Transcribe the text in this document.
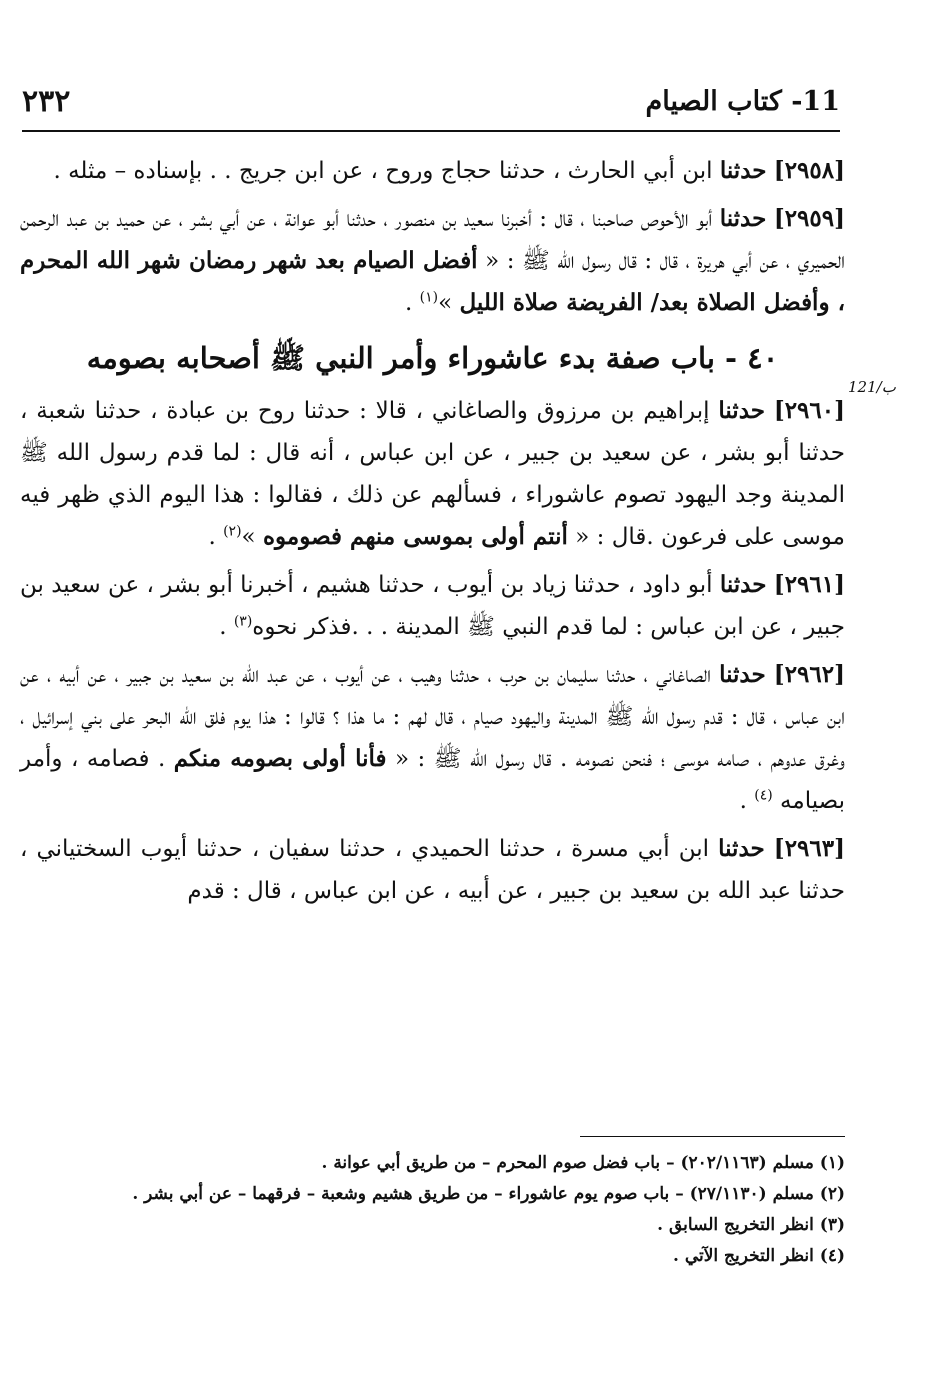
٢٣٢	11- كتاب الصيام
121/ب

[٢٩٥٨] حدثنا ابن أبي الحارث ، حدثنا حجاج وروح ، عن ابن جريج . . بإسناده – مثله .

[٢٩٥٩] حدثنا أبو الأحوص صاحبنا ، قال : أخبرنا سعيد بن منصور ، حدثنا أبو عوانة ، عن أبي بشر ، عن حميد بن عبد الرحمن الحميري ، عن أبي هريرة ، قال : قال رسول الله ﷺ : « أفضل الصيام بعد شهر رمضان شهر الله المحرم ، وأفضل الصلاة بعد/ الفريضة صلاة الليل »$^{(١)}$ .

٤٠ - باب صفة بدء عاشوراء وأمر النبي ﷺ أصحابه بصومه

[٢٩٦٠] حدثنا إبراهيم بن مرزوق والصاغاني ، قالا : حدثنا روح بن عبادة ، حدثنا شعبة ، حدثنا أبو بشر ، عن سعيد بن جبير ، عن ابن عباس ، أنه قال : لما قدم رسول الله ﷺ المدينة وجد اليهود تصوم عاشوراء ، فسألهم عن ذلك ، فقالوا : هذا اليوم الذي ظهر فيه موسى على فرعون .قال : « أنتم أولى بموسى منهم فصوموه »$^{(٢)}$ .

[٢٩٦١] حدثنا أبو داود ، حدثنا زياد بن أيوب ، حدثنا هشيم ، أخبرنا أبو بشر ، عن سعيد بن جبير ، عن ابن عباس : لما قدم النبي ﷺ المدينة . . .فذكر نحوه$^{(٣)}$ .

[٢٩٦٢] حدثنا الصاغاني ، حدثنا سليمان بن حرب ، حدثنا وهيب ، عن أيوب ، عن عبد الله بن سعيد بن جبير ، عن أبيه ، عن ابن عباس ، قال : قدم رسول الله ﷺ المدينة واليهود صيام ، قال لهم : ما هذا ؟ قالوا : هذا يوم فلق الله البحر على بني إسرائيل ، وغرق عدوهم ، صامه موسى ؛ فنحن نصومه . قال رسول الله ﷺ : « فأنا أولى بصومه منكم . فصامه ، وأمر بصيامه $^{(٤)}$ .

[٢٩٦٣] حدثنا ابن أبي مسرة ، حدثنا الحميدي ، حدثنا سفيان ، حدثنا أيوب السختياني ، حدثنا عبد الله بن سعيد بن جبير ، عن أبيه ، عن ابن عباس ، قال : قدم

(١) مسلم (٢٠٢/١١٦٣) – باب فضل صوم المحرم – من طريق أبي عوانة .
(٢) مسلم (٢٧/١١٣٠) – باب صوم يوم عاشوراء – من طريق هشيم وشعبة – فرقهما – عن أبي بشر .
(٣) انظر التخريج السابق .
(٤) انظر التخريج الآتي .
